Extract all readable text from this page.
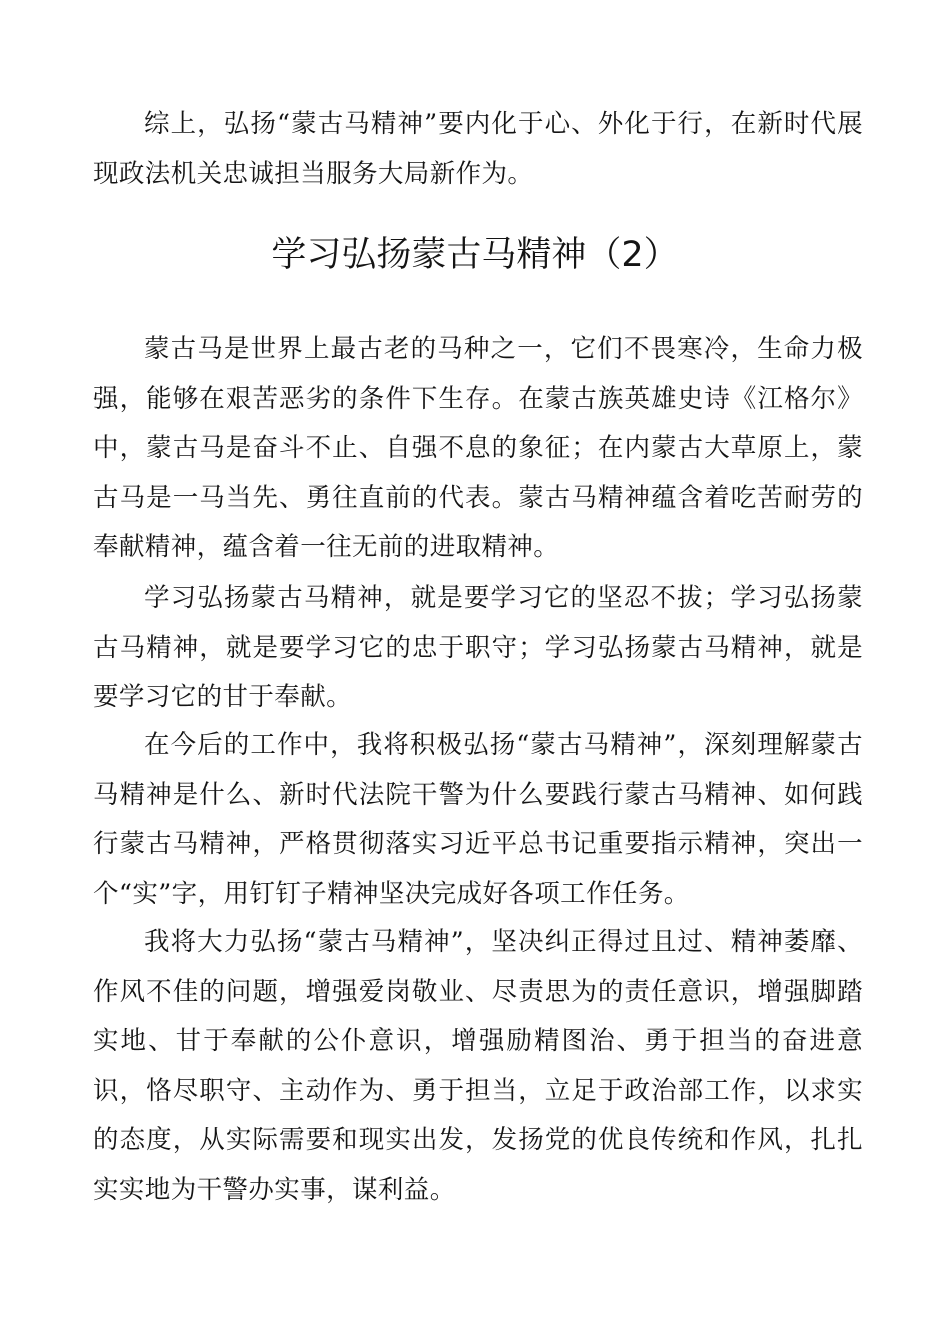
综上，弘扬“蒙古马精神”要内化于心、外化于行，在新时代展现政法机关忠诚担当服务大局新作为。

学习弘扬蒙古马精神（2）

蒙古马是世界上最古老的马种之一，它们不畏寒冷，生命力极强，能够在艰苦恶劣的条件下生存。在蒙古族英雄史诗《江格尔》中，蒙古马是奋斗不止、自强不息的象征；在内蒙古大草原上，蒙古马是一马当先、勇往直前的代表。蒙古马精神蕴含着吃苦耐劳的奉献精神，蕴含着一往无前的进取精神。

学习弘扬蒙古马精神，就是要学习它的坚忍不拔；学习弘扬蒙古马精神，就是要学习它的忠于职守；学习弘扬蒙古马精神，就是要学习它的甘于奉献。

在今后的工作中，我将积极弘扬“蒙古马精神”，深刻理解蒙古马精神是什么、新时代法院干警为什么要践行蒙古马精神、如何践行蒙古马精神，严格贯彻落实习近平总书记重要指示精神，突出一个“实”字，用钉钉子精神坚决完成好各项工作任务。

我将大力弘扬“蒙古马精神”，坚决纠正得过且过、精神萎靡、作风不佳的问题，增强爱岗敬业、尽责思为的责任意识，增强脚踏实地、甘于奉献的公仆意识，增强励精图治、勇于担当的奋进意识，恪尽职守、主动作为、勇于担当，立足于政治部工作，以求实的态度，从实际需要和现实出发，发扬党的优良传统和作风，扎扎实实地为干警办实事，谋利益。
